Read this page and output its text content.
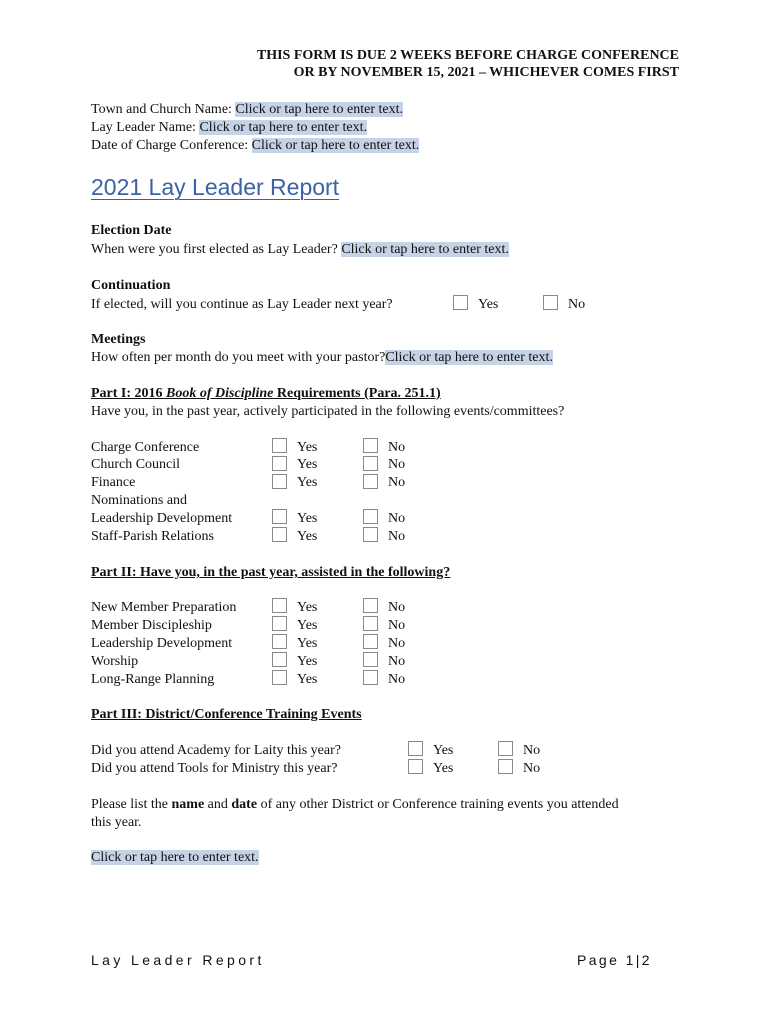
THIS FORM IS DUE 2 WEEKS BEFORE CHARGE CONFERENCE
OR BY NOVEMBER 15, 2021 – WHICHEVER COMES FIRST
Town and Church Name: Click or tap here to enter text.
Lay Leader Name: Click or tap here to enter text.
Date of Charge Conference: Click or tap here to enter text.
2021 Lay Leader Report
Election Date
When were you first elected as Lay Leader? Click or tap here to enter text.
Continuation
If elected, will you continue as Lay Leader next year?	Yes	No
Meetings
How often per month do you meet with your pastor?Click or tap here to enter text.
Part I: 2016 Book of Discipline Requirements (Para. 251.1)
Have you, in the past year, actively participated in the following events/committees?
Charge Conference	Yes	No
Church Council	Yes	No
Finance	Yes	No
Nominations and
Leadership Development	Yes	No
Staff-Parish Relations	Yes	No
Part II: Have you, in the past year, assisted in the following?
New Member Preparation	Yes	No
Member Discipleship	Yes	No
Leadership Development	Yes	No
Worship	Yes	No
Long-Range Planning	Yes	No
Part III: District/Conference Training Events
Did you attend Academy for Laity this year?	Yes	No
Did you attend Tools for Ministry this year?	Yes	No
Please list the name and date of any other District or Conference training events you attended
this year.
Click or tap here to enter text.
Lay Leader Report	Page 1|2
